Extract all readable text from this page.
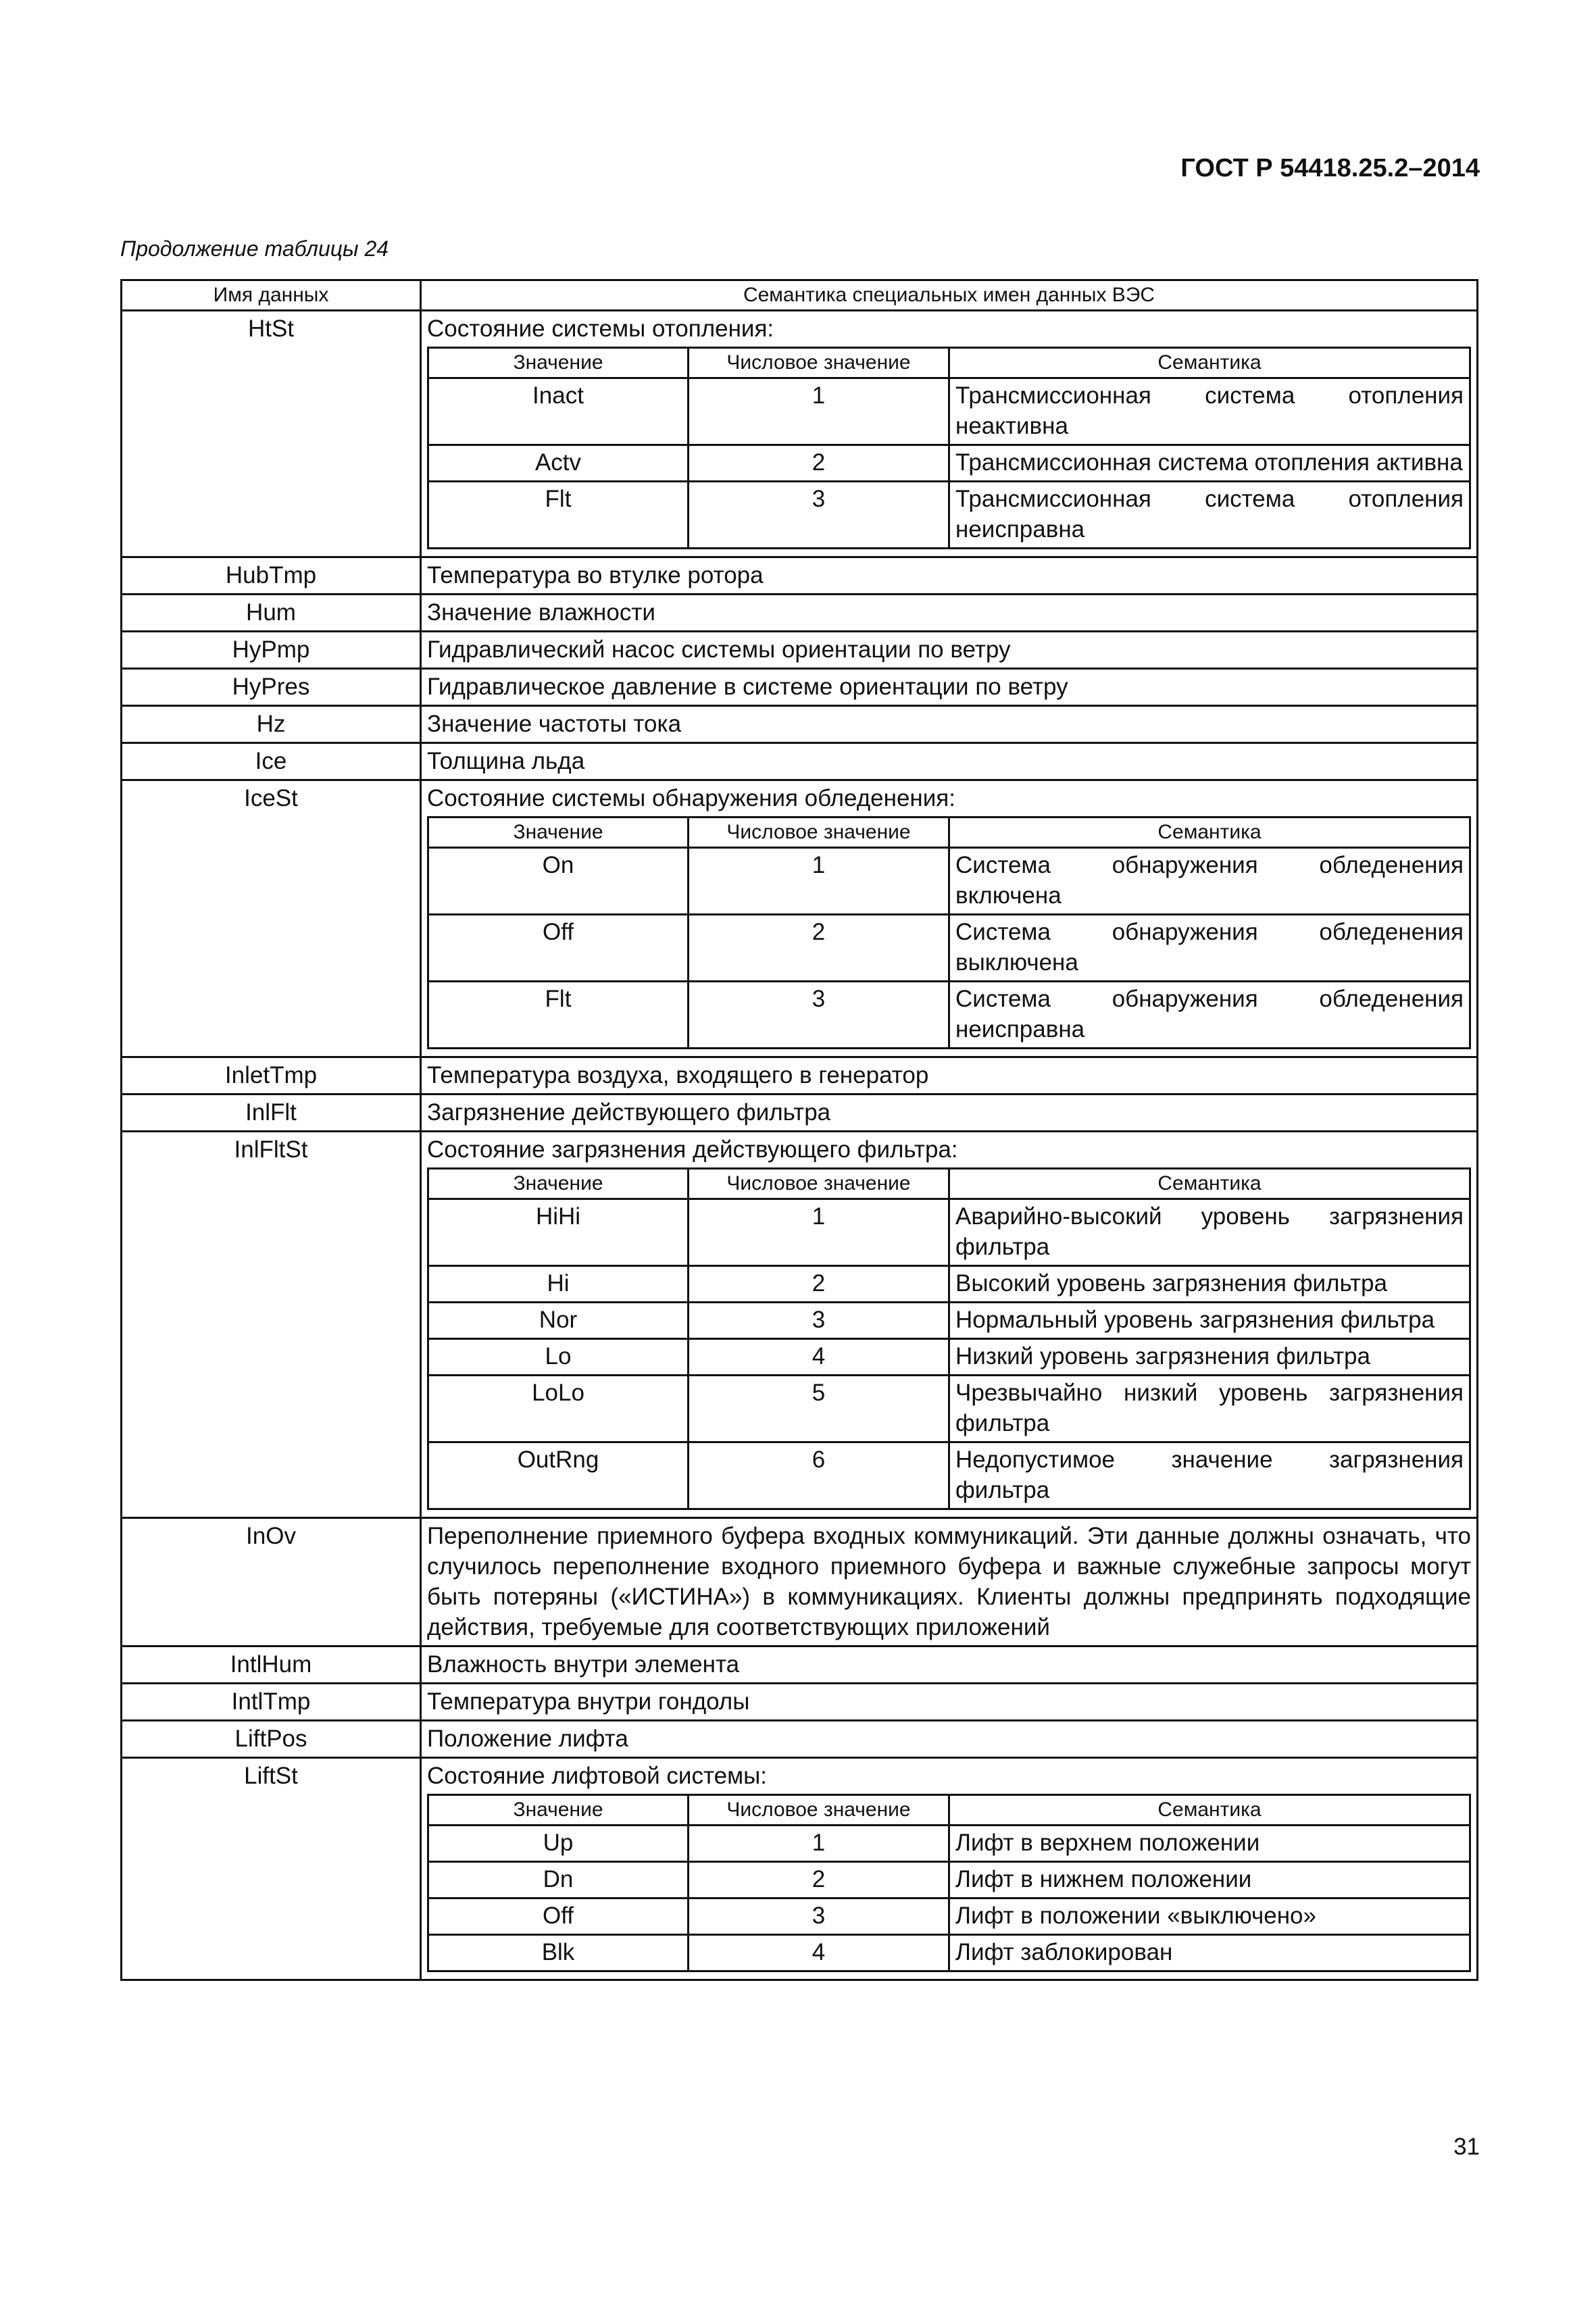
ГОСТ Р 54418.25.2–2014
Продолжение таблицы 24
Имя данных	Семантика специальных имен данных ВЭС
HtSt	Состояние системы отопления:
Значение	Числовое значение	Семантика
Inact	1	Трансмиссионная система отопления неактивна
Actv	2	Трансмиссионная система отопления активна
Flt	3	Трансмиссионная система отопления неисправна

HubTmp	Температура во втулке ротора

Hum	Значение влажности

HyPmp	Гидравлический насос системы ориентации по ветру

HyPres	Гидравлическое давление в системе ориентации по ветру

Hz	Значение частоты тока

Ice	Толщина льда

IceSt	Состояние системы обнаружения обледенения:
Значение	Числовое значение	Семантика
On	1	Система обнаружения обледенения включена
Off	2	Система обнаружения обледенения выключена
Flt	3	Система обнаружения обледенения неисправна

InletTmp	Температура воздуха, входящего в генератор

InlFlt	Загрязнение действующего фильтра

InlFltSt	Состояние загрязнения действующего фильтра:
Значение	Числовое значение	Семантика
HiHi	1	Аварийно-высокий уровень загрязнения фильтра
Hi	2	Высокий уровень загрязнения фильтра
Nor	3	Нормальный уровень загрязнения фильтра
Lo	4	Низкий уровень загрязнения фильтра
LoLo	5	Чрезвычайно низкий уровень загрязнения фильтра
OutRng	6	Недопустимое значение загрязнения фильтра

InOv	Переполнение приемного буфера входных коммуникаций. Эти данные должны означать, что случилось переполнение входного приемного буфера и важные служебные запросы могут быть потеряны («ИСТИНА») в коммуникациях. Клиенты должны предпринять подходящие действия, требуемые для соответствующих приложений

IntlHum	Влажность внутри элемента

IntlTmp	Температура внутри гондолы

LiftPos	Положение лифта

LiftSt	Состояние лифтовой системы:
Значение	Числовое значение	Семантика
Up	1	Лифт в верхнем положении
Dn	2	Лифт в нижнем положении
Off	3	Лифт в положении «выключено»
Blk	4	Лифт заблокирован
31
